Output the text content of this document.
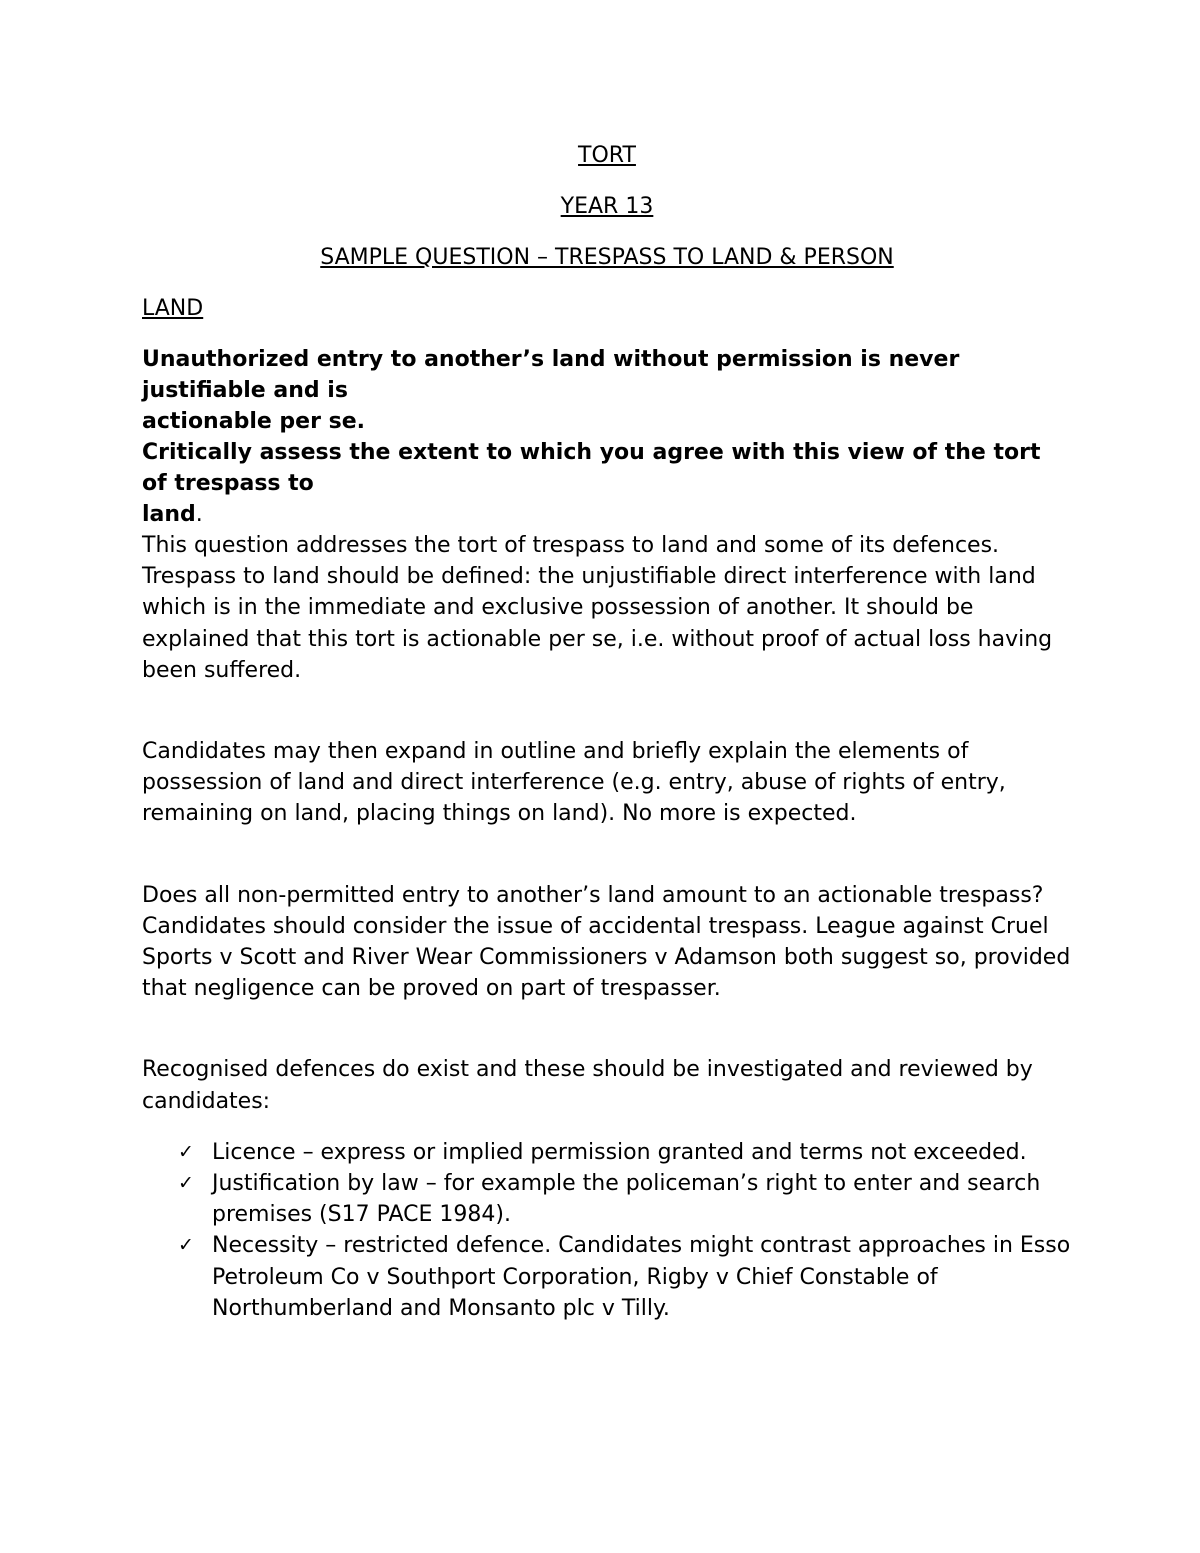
TORT

YEAR 13

SAMPLE QUESTION – TRESPASS TO LAND & PERSON

LAND
Unauthorized entry to another’s land without permission is never justifiable and is
actionable per se.
Critically assess the extent to which you agree with this view of the tort of trespass to
land.

This question addresses the tort of trespass to land and some of its defences. Trespass to land should be defined: the unjustifiable direct interference with land which is in the immediate and exclusive possession of another. It should be explained that this tort is actionable per se, i.e. without proof of actual loss having been suffered.

Candidates may then expand in outline and briefly explain the elements of possession of land and direct interference (e.g. entry, abuse of rights of entry, remaining on land, placing things on land). No more is expected.

Does all non-permitted entry to another’s land amount to an actionable trespass? Candidates should consider the issue of accidental trespass. League against Cruel Sports v Scott and River Wear Commissioners v Adamson both suggest so, provided that negligence can be proved on part of trespasser.

Recognised defences do exist and these should be investigated and reviewed by candidates:

✓ Licence – express or implied permission granted and terms not exceeded.
✓ Justification by law – for example the policeman’s right to enter and search premises (S17 PACE 1984).
✓ Necessity – restricted defence. Candidates might contrast approaches in Esso Petroleum Co v Southport Corporation, Rigby v Chief Constable of Northumberland and Monsanto plc v Tilly.
